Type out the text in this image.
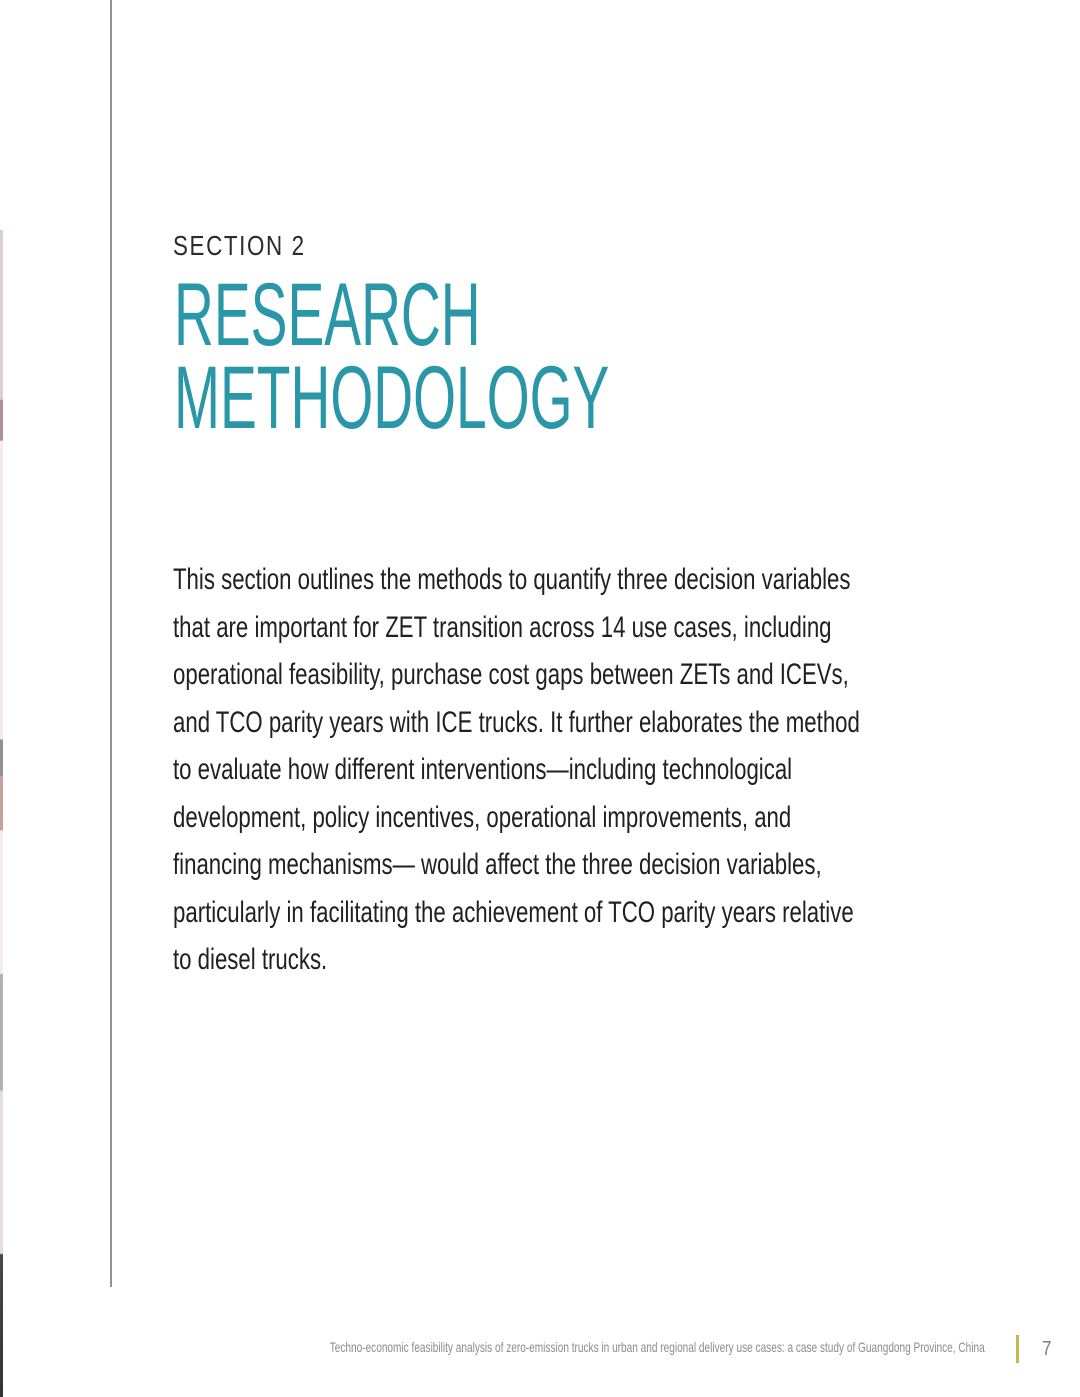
SECTION 2
RESEARCH METHODOLOGY
This section outlines the methods to quantify three decision variables
that are important for ZET transition across 14 use cases, including
operational feasibility, purchase cost gaps between ZETs and ICEVs,
and TCO parity years with ICE trucks. It further elaborates the method
to evaluate how different interventions—including technological
development, policy incentives, operational improvements, and
financing mechanisms— would affect the three decision variables,
particularly in facilitating the achievement of TCO parity years relative
to diesel trucks.
Techno-economic feasibility analysis of zero-emission trucks in urban and regional delivery use cases: a case study of Guangdong Province, China	7
